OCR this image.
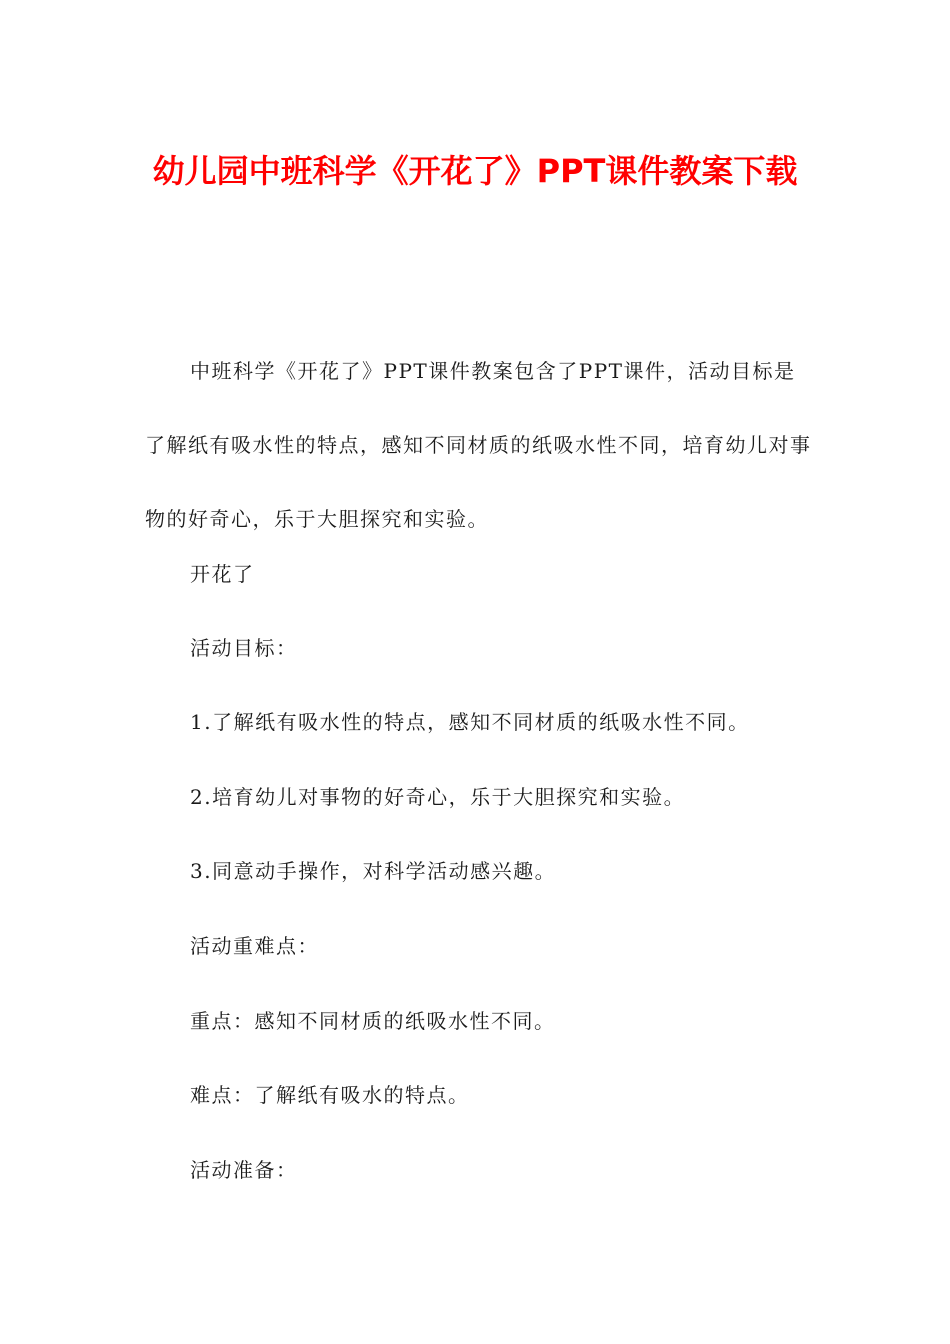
幼儿园中班科学《开花了》PPT课件教案下载

中班科学《开花了》PPT课件教案包含了PPT课件，活动目标是了解纸有吸水性的特点，感知不同材质的纸吸水性不同，培育幼儿对事物的好奇心，乐于大胆探究和实验。

开花了

活动目标：

1.了解纸有吸水性的特点，感知不同材质的纸吸水性不同。

2.培育幼儿对事物的好奇心，乐于大胆探究和实验。

3.同意动手操作，对科学活动感兴趣。

活动重难点：

重点：感知不同材质的纸吸水性不同。

难点：了解纸有吸水的特点。

活动准备：
